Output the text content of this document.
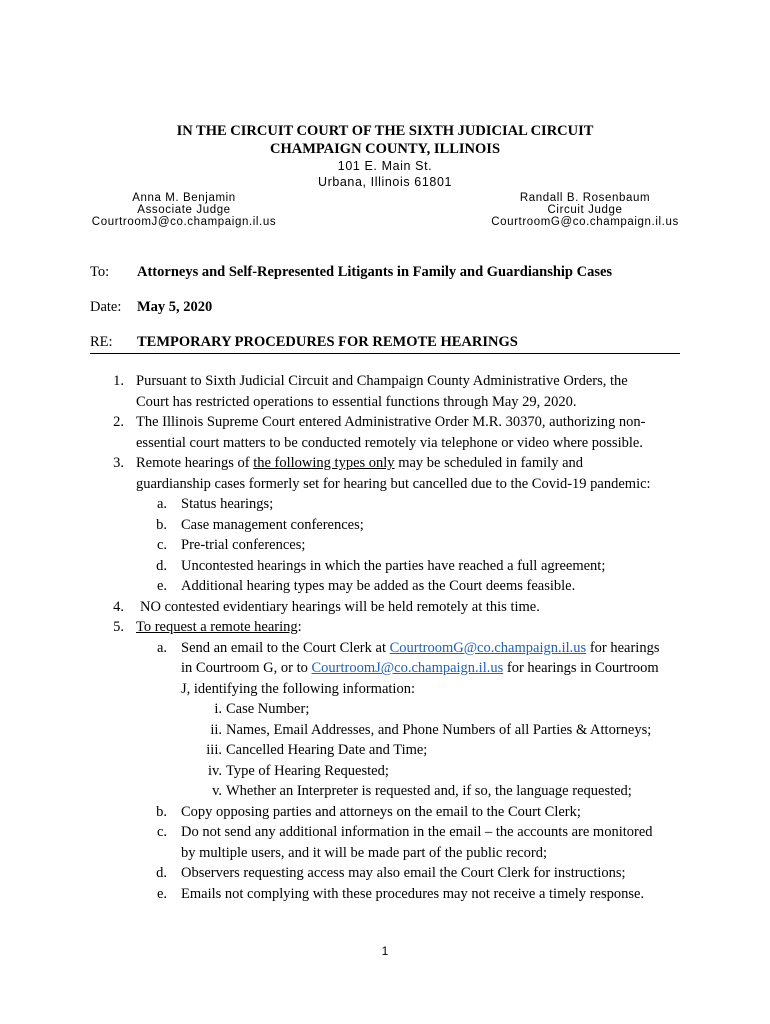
IN THE CIRCUIT COURT OF THE SIXTH JUDICIAL CIRCUIT
CHAMPAIGN COUNTY, ILLINOIS
101 E. Main St.
Urbana, Illinois 61801
Anna M. Benjamin
Associate Judge
CourtroomJ@co.champaign.il.us
Randall B. Rosenbaum
Circuit Judge
CourtroomG@co.champaign.il.us
To: Attorneys and Self-Represented Litigants in Family and Guardianship Cases
Date: May 5, 2020
RE: TEMPORARY PROCEDURES FOR REMOTE HEARINGS
1. Pursuant to Sixth Judicial Circuit and Champaign County Administrative Orders, the
Court has restricted operations to essential functions through May 29, 2020.
2. The Illinois Supreme Court entered Administrative Order M.R. 30370, authorizing non-
essential court matters to be conducted remotely via telephone or video where possible.
3. Remote hearings of the following types only may be scheduled in family and
guardianship cases formerly set for hearing but cancelled due to the Covid-19 pandemic:
a. Status hearings;
b. Case management conferences;
c. Pre-trial conferences;
d. Uncontested hearings in which the parties have reached a full agreement;
e. Additional hearing types may be added as the Court deems feasible.
4. NO contested evidentiary hearings will be held remotely at this time.
5. To request a remote hearing:
a. Send an email to the Court Clerk at CourtroomG@co.champaign.il.us for hearings
in Courtroom G, or to CourtroomJ@co.champaign.il.us for hearings in Courtroom
J, identifying the following information:
i. Case Number;
ii. Names, Email Addresses, and Phone Numbers of all Parties & Attorneys;
iii. Cancelled Hearing Date and Time;
iv. Type of Hearing Requested;
v. Whether an Interpreter is requested and, if so, the language requested;
b. Copy opposing parties and attorneys on the email to the Court Clerk;
c. Do not send any additional information in the email – the accounts are monitored
by multiple users, and it will be made part of the public record;
d. Observers requesting access may also email the Court Clerk for instructions;
e. Emails not complying with these procedures may not receive a timely response.
1
